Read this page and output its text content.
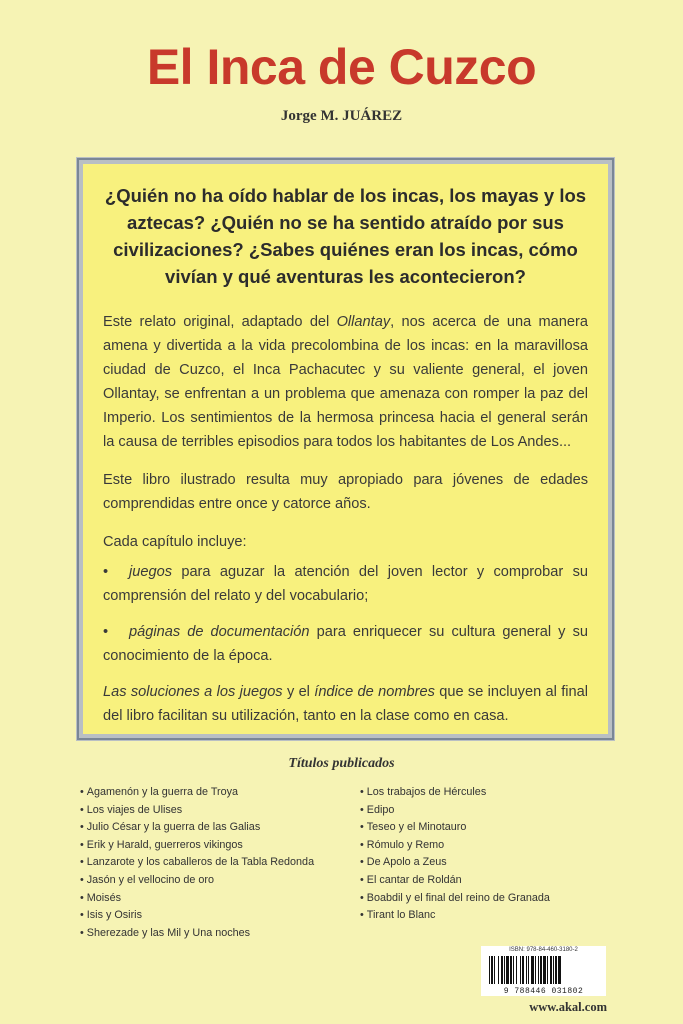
El Inca de Cuzco
Jorge M. JUÁREZ

¿Quién no ha oído hablar de los incas, los mayas y los aztecas? ¿Quién no se ha sentido atraído por sus civilizaciones? ¿Sabes quiénes eran los incas, cómo vivían y qué aventuras les acontecieron?

Este relato original, adaptado del Ollantay, nos acerca de una manera amena y divertida a la vida precolombina de los incas: en la maravillosa ciudad de Cuzco, el Inca Pachacutec y su valiente general, el joven Ollantay, se enfrentan a un problema que amenaza con romper la paz del Imperio. Los sentimientos de la hermosa princesa hacia el general serán la causa de terribles episodios para todos los habitantes de Los Andes...

Este libro ilustrado resulta muy apropiado para jóvenes de edades comprendidas entre once y catorce años.

Cada capítulo incluye:

• juegos para aguzar la atención del joven lector y comprobar su comprensión del relato y del vocabulario;

• páginas de documentación para enriquecer su cultura general y su conocimiento de la época.

Las soluciones a los juegos y el índice de nombres que se incluyen al final del libro facilitan su utilización, tanto en la clase como en casa.

Títulos publicados
• Agamenón y la guerra de Troya
• Los viajes de Ulises
• Julio César y la guerra de las Galias
• Erik y Harald, guerreros vikingos
• Lanzarote y los caballeros de la Tabla Redonda
• Jasón y el vellocino de oro
• Moisés
• Isis y Osiris
• Sherezade y las Mil y Una noches
• Los trabajos de Hércules
• Edipo
• Teseo y el Minotauro
• Rómulo y Remo
• De Apolo a Zeus
• El cantar de Roldán
• Boabdil y el final del reino de Granada
• Tirant lo Blanc
ISBN: 978-84-460-3180-2
9 788446 031802
www.akal.com
